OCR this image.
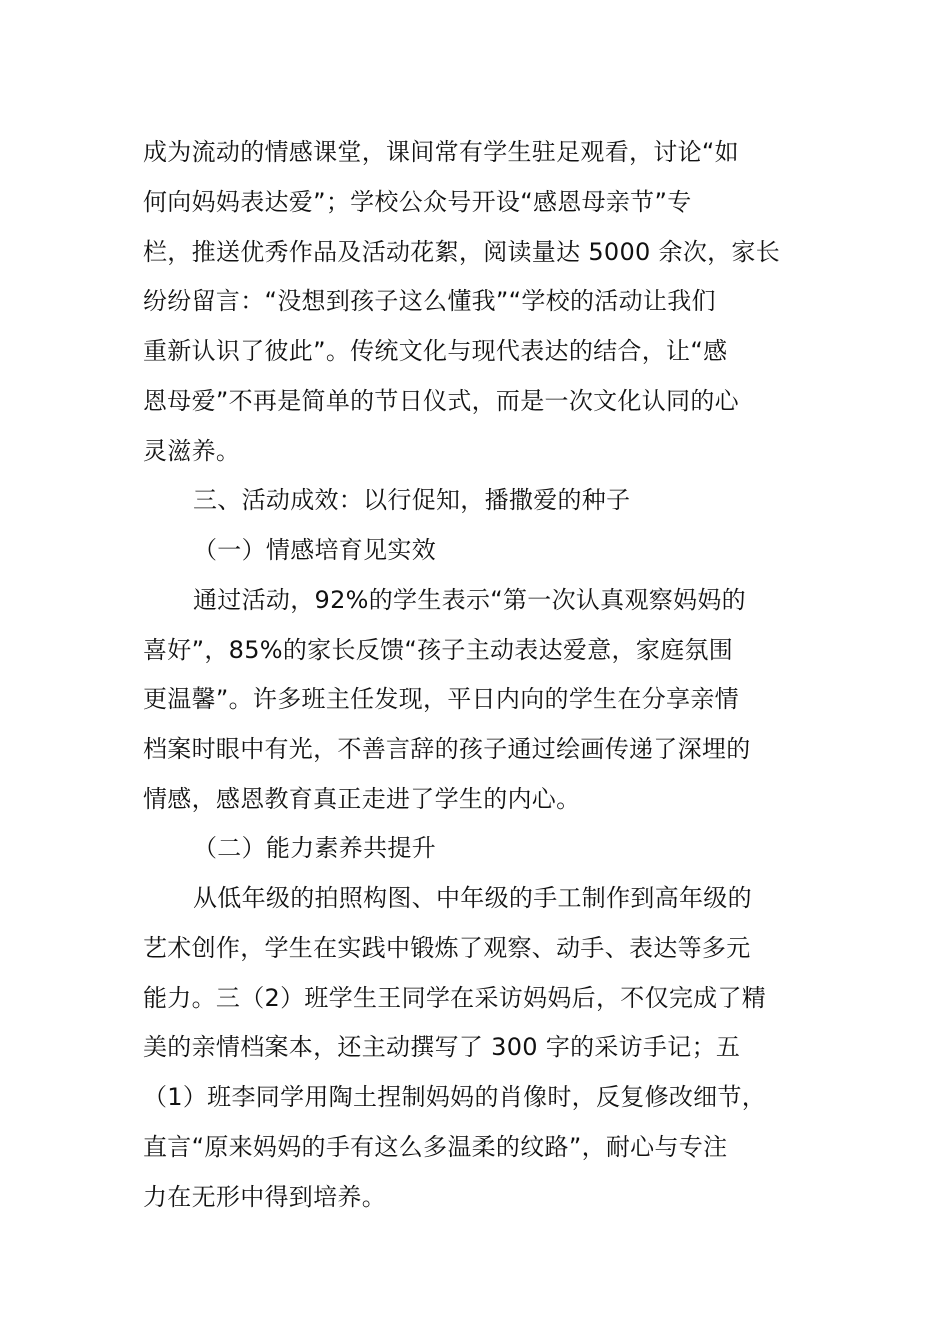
成为流动的情感课堂，课间常有学生驻足观看，讨论“如
何向妈妈表达爱”；学校公众号开设“感恩母亲节”专
栏，推送优秀作品及活动花絮，阅读量达 5000 余次，家长
纷纷留言：“没想到孩子这么懂我”“学校的活动让我们
重新认识了彼此”。传统文化与现代表达的结合，让“感
恩母爱”不再是简单的节日仪式，而是一次文化认同的心
灵滋养。
三、活动成效：以行促知，播撒爱的种子
（一）情感培育见实效
通过活动，92%的学生表示“第一次认真观察妈妈的
喜好”，85%的家长反馈“孩子主动表达爱意，家庭氛围
更温馨”。许多班主任发现，平日内向的学生在分享亲情
档案时眼中有光，不善言辞的孩子通过绘画传递了深埋的
情感，感恩教育真正走进了学生的内心。
（二）能力素养共提升
从低年级的拍照构图、中年级的手工制作到高年级的
艺术创作，学生在实践中锻炼了观察、动手、表达等多元
能力。三（2）班学生王同学在采访妈妈后，不仅完成了精
美的亲情档案本，还主动撰写了 300 字的采访手记；五
（1）班李同学用陶土捏制妈妈的肖像时，反复修改细节，
直言“原来妈妈的手有这么多温柔的纹路”，耐心与专注
力在无形中得到培养。
